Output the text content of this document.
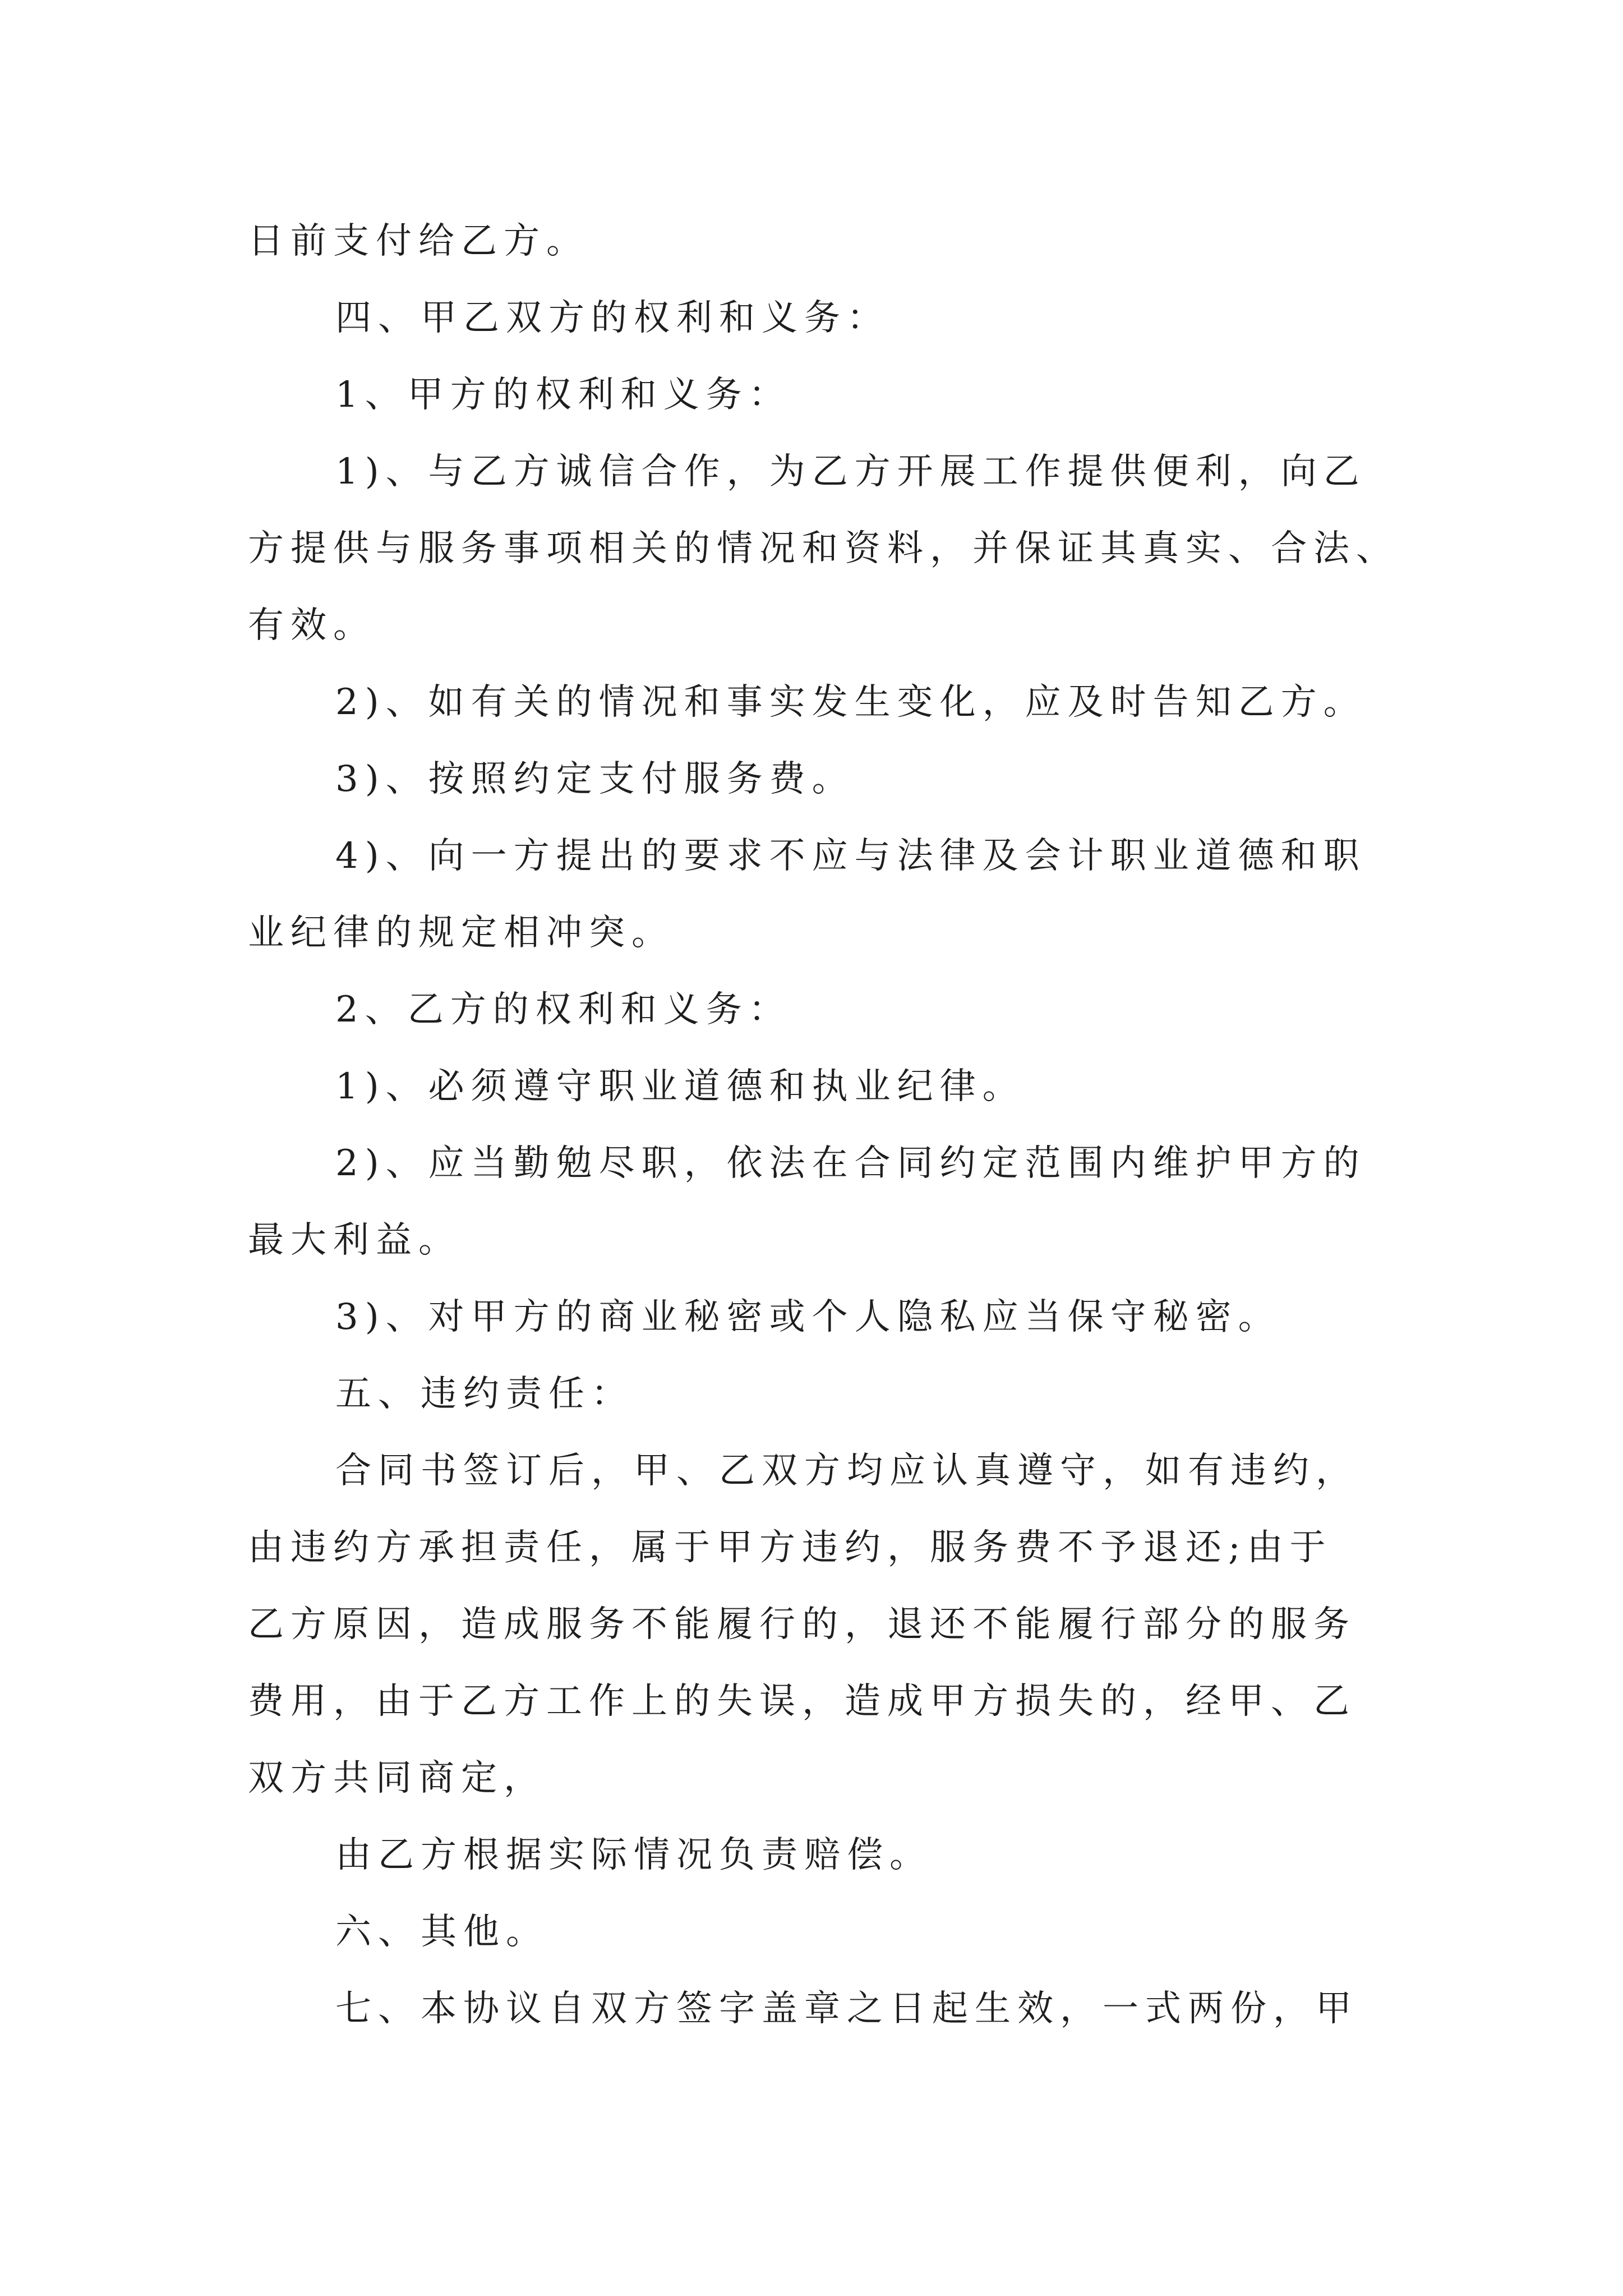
日前支付给乙方。
四、甲乙双方的权利和义务：
1、甲方的权利和义务：
1)、与乙方诚信合作，为乙方开展工作提供便利，向乙
方提供与服务事项相关的情况和资料，并保证其真实、合法、
有效。
2)、如有关的情况和事实发生变化，应及时告知乙方。
3)、按照约定支付服务费。
4)、向一方提出的要求不应与法律及会计职业道德和职
业纪律的规定相冲突。
2、乙方的权利和义务：
1)、必须遵守职业道德和执业纪律。
2)、应当勤勉尽职，依法在合同约定范围内维护甲方的
最大利益。
3)、对甲方的商业秘密或个人隐私应当保守秘密。
五、违约责任：
合同书签订后，甲、乙双方均应认真遵守，如有违约，
由违约方承担责任，属于甲方违约，服务费不予退还;由于
乙方原因，造成服务不能履行的，退还不能履行部分的服务
费用，由于乙方工作上的失误，造成甲方损失的，经甲、乙
双方共同商定，
由乙方根据实际情况负责赔偿。
六、其他。
七、本协议自双方签字盖章之日起生效，一式两份，甲
